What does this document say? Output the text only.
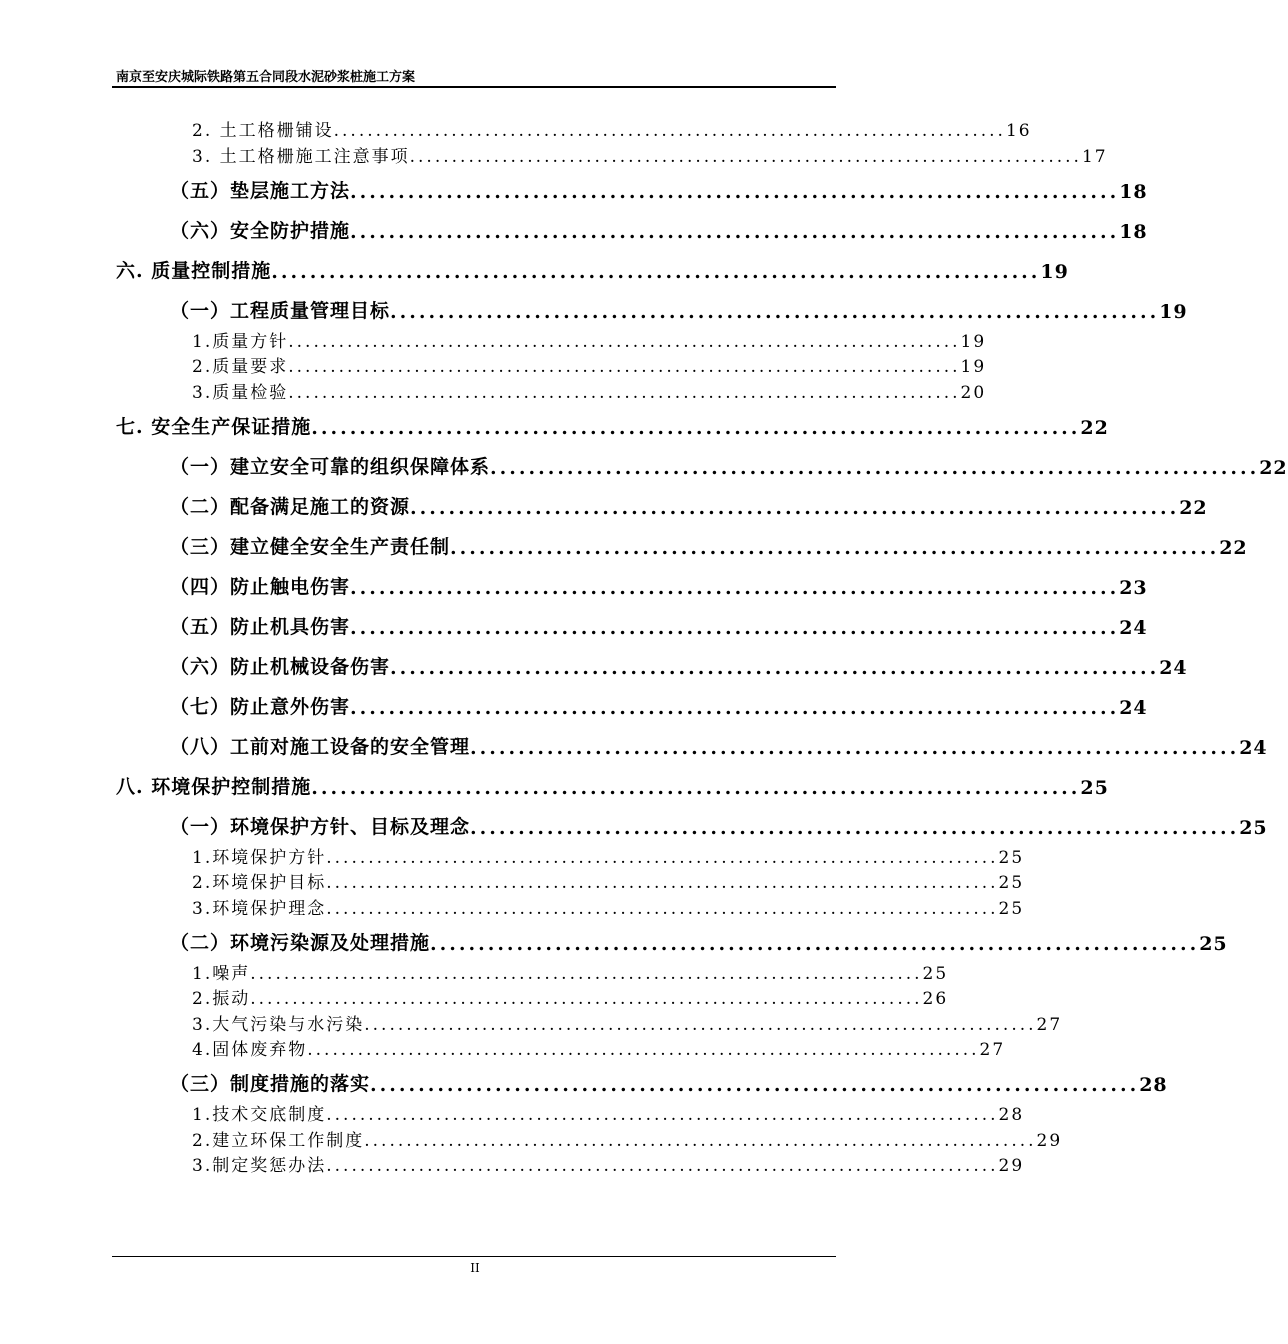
南京至安庆城际铁路第五合同段水泥砂浆桩施工方案
2. 土工格栅铺设 ................................................................................ 16
3. 土工格栅施工注意事项 ................................................................................ 17
（五）垫层施工方法 ................................................................................ 18
（六）安全防护措施 ................................................................................ 18
六. 质量控制措施 ................................................................................ 19
（一）工程质量管理目标 ................................................................................ 19
1.质量方针 ................................................................................ 19
2.质量要求 ................................................................................ 19
3.质量检验 ................................................................................ 20
七. 安全生产保证措施 ................................................................................ 22
（一）建立安全可靠的组织保障体系 ................................................................................ 22
（二）配备满足施工的资源 ................................................................................ 22
（三）建立健全安全生产责任制 ................................................................................ 22
（四）防止触电伤害 ................................................................................ 23
（五）防止机具伤害 ................................................................................ 24
（六）防止机械设备伤害 ................................................................................ 24
（七）防止意外伤害 ................................................................................ 24
（八）工前对施工设备的安全管理 ................................................................................ 24
八. 环境保护控制措施 ................................................................................ 25
（一）环境保护方针、目标及理念 ................................................................................ 25
1.环境保护方针 ................................................................................ 25
2.环境保护目标 ................................................................................ 25
3.环境保护理念 ................................................................................ 25
（二）环境污染源及处理措施 ................................................................................ 25
1.噪声 ................................................................................ 25
2.振动 ................................................................................ 26
3.大气污染与水污染 ................................................................................ 27
4.固体废弃物 ................................................................................ 27
（三）制度措施的落实 ................................................................................ 28
1.技术交底制度 ................................................................................ 28
2.建立环保工作制度 ................................................................................ 29
3.制定奖惩办法 ................................................................................ 29
II
